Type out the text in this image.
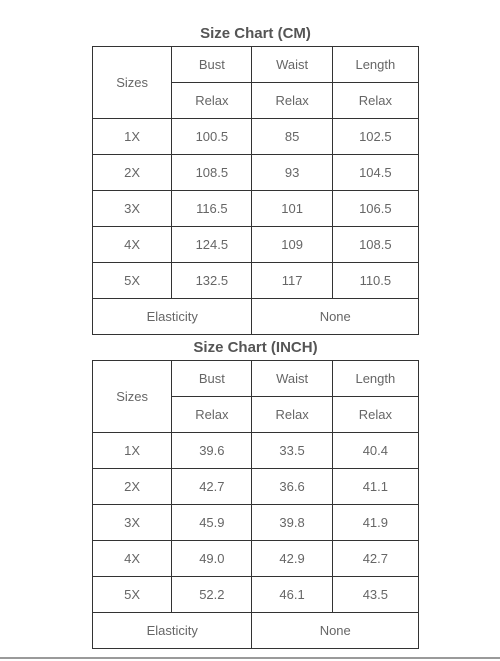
Size Chart (CM)
Sizes	Bust	Waist	Length
	Relax	Relax	Relax
1X	100.5	85	102.5
2X	108.5	93	104.5
3X	116.5	101	106.5
4X	124.5	109	108.5
5X	132.5	117	110.5
Elasticity		None	
Size Chart (INCH)
Sizes	Bust	Waist	Length
	Relax	Relax	Relax
1X	39.6	33.5	40.4
2X	42.7	36.6	41.1
3X	45.9	39.8	41.9
4X	49.0	42.9	42.7
5X	52.2	46.1	43.5
Elasticity		None	
